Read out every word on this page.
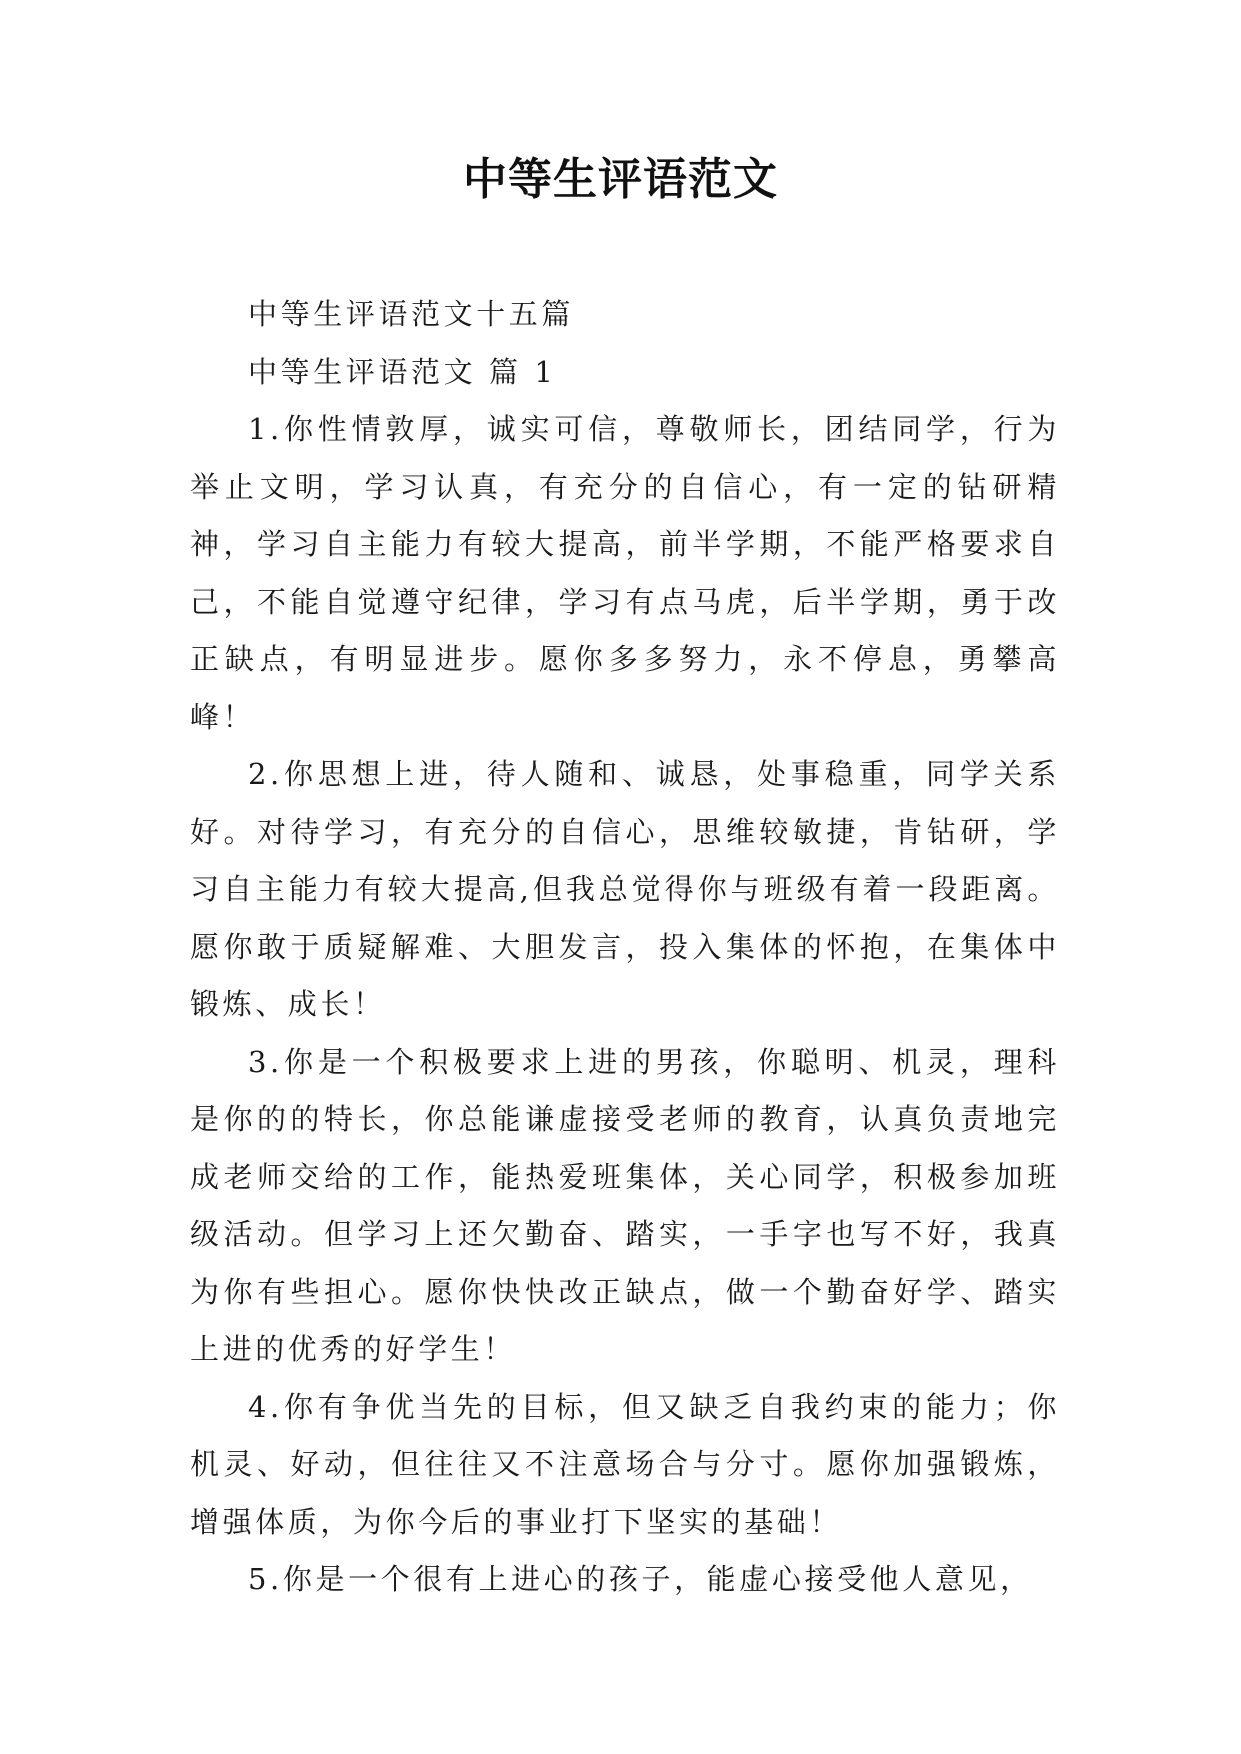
中等生评语范文

中等生评语范文十五篇

中等生评语范文 篇 1

1.你性情敦厚，诚实可信，尊敬师长，团结同学，行为举止文明，学习认真，有充分的自信心，有一定的钻研精神，学习自主能力有较大提高，前半学期，不能严格要求自己，不能自觉遵守纪律，学习有点马虎，后半学期，勇于改正缺点，有明显进步。愿你多多努力，永不停息，勇攀高峰！

2.你思想上进，待人随和、诚恳，处事稳重，同学关系好。对待学习，有充分的自信心，思维较敏捷，肯钻研，学习自主能力有较大提高,但我总觉得你与班级有着一段距离。愿你敢于质疑解难、大胆发言，投入集体的怀抱，在集体中锻炼、成长！

3.你是一个积极要求上进的男孩，你聪明、机灵，理科是你的的特长，你总能谦虚接受老师的教育，认真负责地完成老师交给的工作，能热爱班集体，关心同学，积极参加班级活动。但学习上还欠勤奋、踏实，一手字也写不好，我真为你有些担心。愿你快快改正缺点，做一个勤奋好学、踏实上进的优秀的好学生！

4.你有争优当先的目标，但又缺乏自我约束的能力；你机灵、好动，但往往又不注意场合与分寸。愿你加强锻炼，增强体质，为你今后的事业打下坚实的基础！

5.你是一个很有上进心的孩子，能虚心接受他人意见，
